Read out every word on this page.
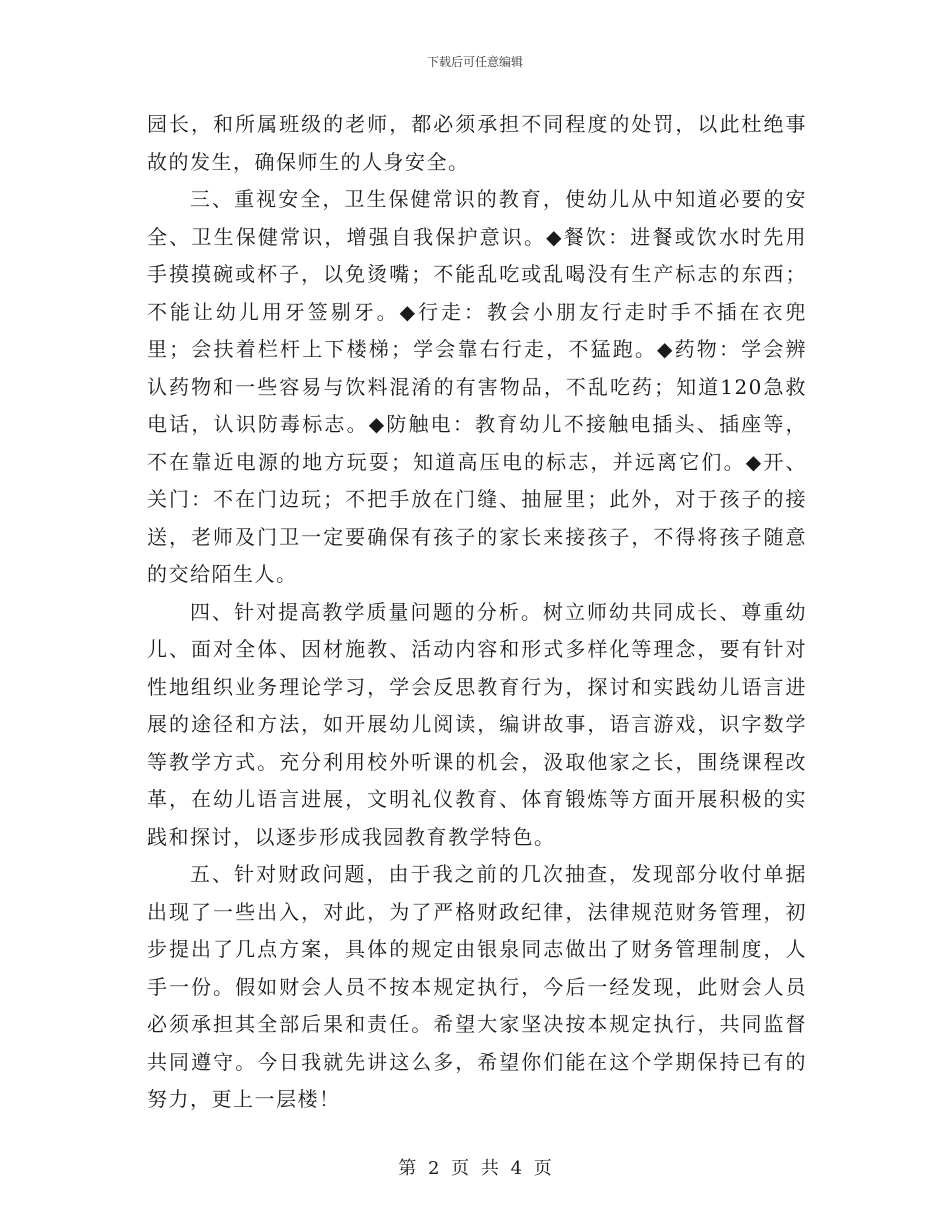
下载后可任意编辑

园长，和所属班级的老师，都必须承担不同程度的处罚，以此杜绝事故的发生，确保师生的人身安全。

三、重视安全，卫生保健常识的教育，使幼儿从中知道必要的安全、卫生保健常识，增强自我保护意识。◆餐饮：进餐或饮水时先用手摸摸碗或杯子，以免烫嘴；不能乱吃或乱喝没有生产标志的东西；不能让幼儿用牙签剔牙。◆行走：教会小朋友行走时手不插在衣兜里；会扶着栏杆上下楼梯；学会靠右行走，不猛跑。◆药物：学会辨认药物和一些容易与饮料混淆的有害物品，不乱吃药；知道120急救电话，认识防毒标志。◆防触电：教育幼儿不接触电插头、插座等，不在靠近电源的地方玩耍；知道高压电的标志，并远离它们。◆开、关门：不在门边玩；不把手放在门缝、抽屉里；此外，对于孩子的接送，老师及门卫一定要确保有孩子的家长来接孩子，不得将孩子随意的交给陌生人。

四、针对提高教学质量问题的分析。树立师幼共同成长、尊重幼儿、面对全体、因材施教、活动内容和形式多样化等理念，要有针对性地组织业务理论学习，学会反思教育行为，探讨和实践幼儿语言进展的途径和方法，如开展幼儿阅读，编讲故事，语言游戏，识字数学等教学方式。充分利用校外听课的机会，汲取他家之长，围绕课程改革，在幼儿语言进展，文明礼仪教育、体育锻炼等方面开展积极的实践和探讨，以逐步形成我园教育教学特色。

五、针对财政问题，由于我之前的几次抽查，发现部分收付单据出现了一些出入，对此，为了严格财政纪律，法律规范财务管理，初步提出了几点方案，具体的规定由银泉同志做出了财务管理制度，人手一份。假如财会人员不按本规定执行，今后一经发现，此财会人员必须承担其全部后果和责任。希望大家坚决按本规定执行，共同监督共同遵守。今日我就先讲这么多，希望你们能在这个学期保持已有的努力，更上一层楼！

第 2 页 共 4 页
